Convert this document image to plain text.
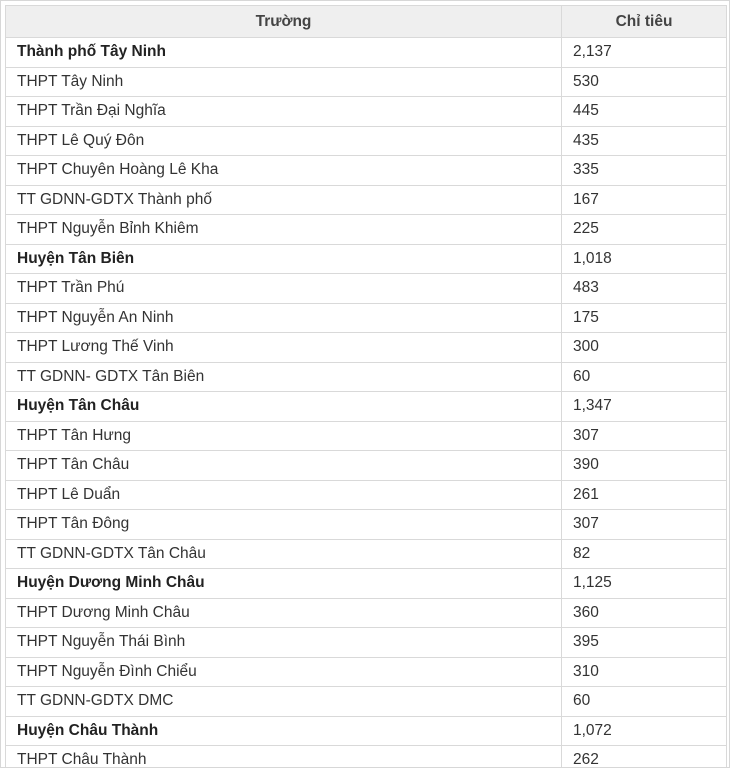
Trường	Chỉ tiêu
Thành phố Tây Ninh	2,137
THPT Tây Ninh	530
THPT Trần Đại Nghĩa	445
THPT Lê Quý Đôn	435
THPT Chuyên Hoàng Lê Kha	335
TT GDNN-GDTX Thành phố	167
THPT Nguyễn Bỉnh Khiêm	225
Huyện Tân Biên	1,018
THPT Trần Phú	483
THPT Nguyễn An Ninh	175
THPT Lương Thế Vinh	300
TT GDNN- GDTX Tân Biên	60
Huyện Tân Châu	1,347
THPT Tân Hưng	307
THPT Tân Châu	390
THPT Lê Duẩn	261
THPT Tân Đông	307
TT GDNN-GDTX Tân Châu	82
Huyện Dương Minh Châu	1,125
THPT Dương Minh Châu	360
THPT Nguyễn Thái Bình	395
THPT Nguyễn Đình Chiểu	310
TT GDNN-GDTX DMC	60
Huyện Châu Thành	1,072
THPT Châu Thành	262
